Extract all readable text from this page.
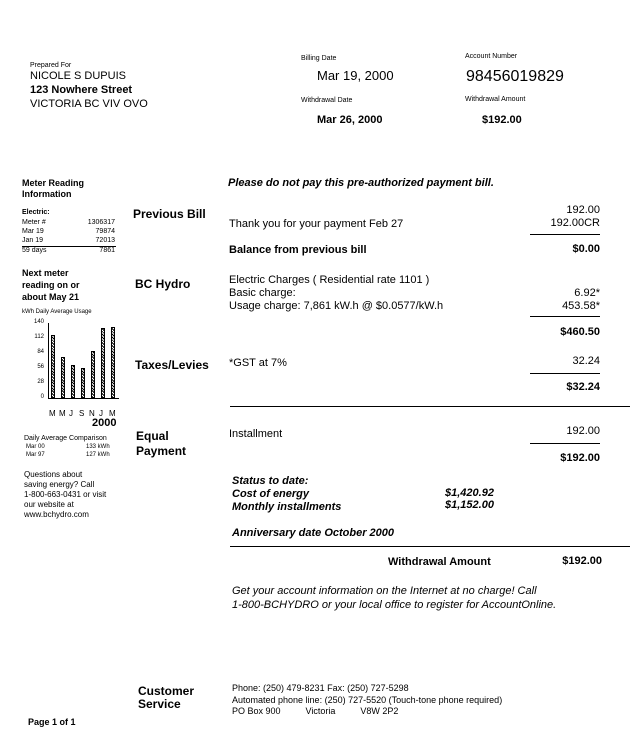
Prepared For
NICOLE S DUPUIS
123 Nowhere Street
VICTORIA BC VIV OVO
Billing Date
Mar 19, 2000
Account Number
98456019829
Withdrawal Date
Mar 26, 2000
Withdrawal Amount
$192.00
Please do not pay this pre-authorized payment bill.
Meter Reading
Information
Electric:
Meter #	1306317
Mar 19	79874
Jan 19	72013
59 days	7861
Next meter
reading on or
about May 21
kWh Daily Average Usage
140
112
84
56
28
0
M M J S N J M
2000
Daily Average Comparison
Mar 00	133 kWh
Mar 97	127 kWh
Questions about
saving energy? Call
1-800-663-0431 or visit
our website at
www.bchydro.com
Previous Bill
BC Hydro
Taxes/Levies
Equal
Payment
192.00
Thank you for your payment Feb 27	192.00CR
Balance from previous bill	$0.00
Electric Charges ( Residential rate 1101 )
Basic charge:	6.92*
Usage charge: 7,861 kW.h @ $0.0577/kW.h	453.58*
$460.50
*GST at 7%	32.24
$32.24
Installment	192.00
$192.00
Status to date:
Cost of energy	$1,420.92
Monthly installments	$1,152.00
Anniversary date October 2000
Withdrawal Amount	$192.00
Get your account information on the Internet at no charge! Call
1-800-BCHYDRO or your local office to register for AccountOnline.
Customer
Service
Phone: (250) 479-8231 Fax: (250) 727-5298
Automated phone line: (250) 727-5520 (Touch-tone phone required)
PO Box 900          Victoria          V8W 2P2
Page 1 of 1
